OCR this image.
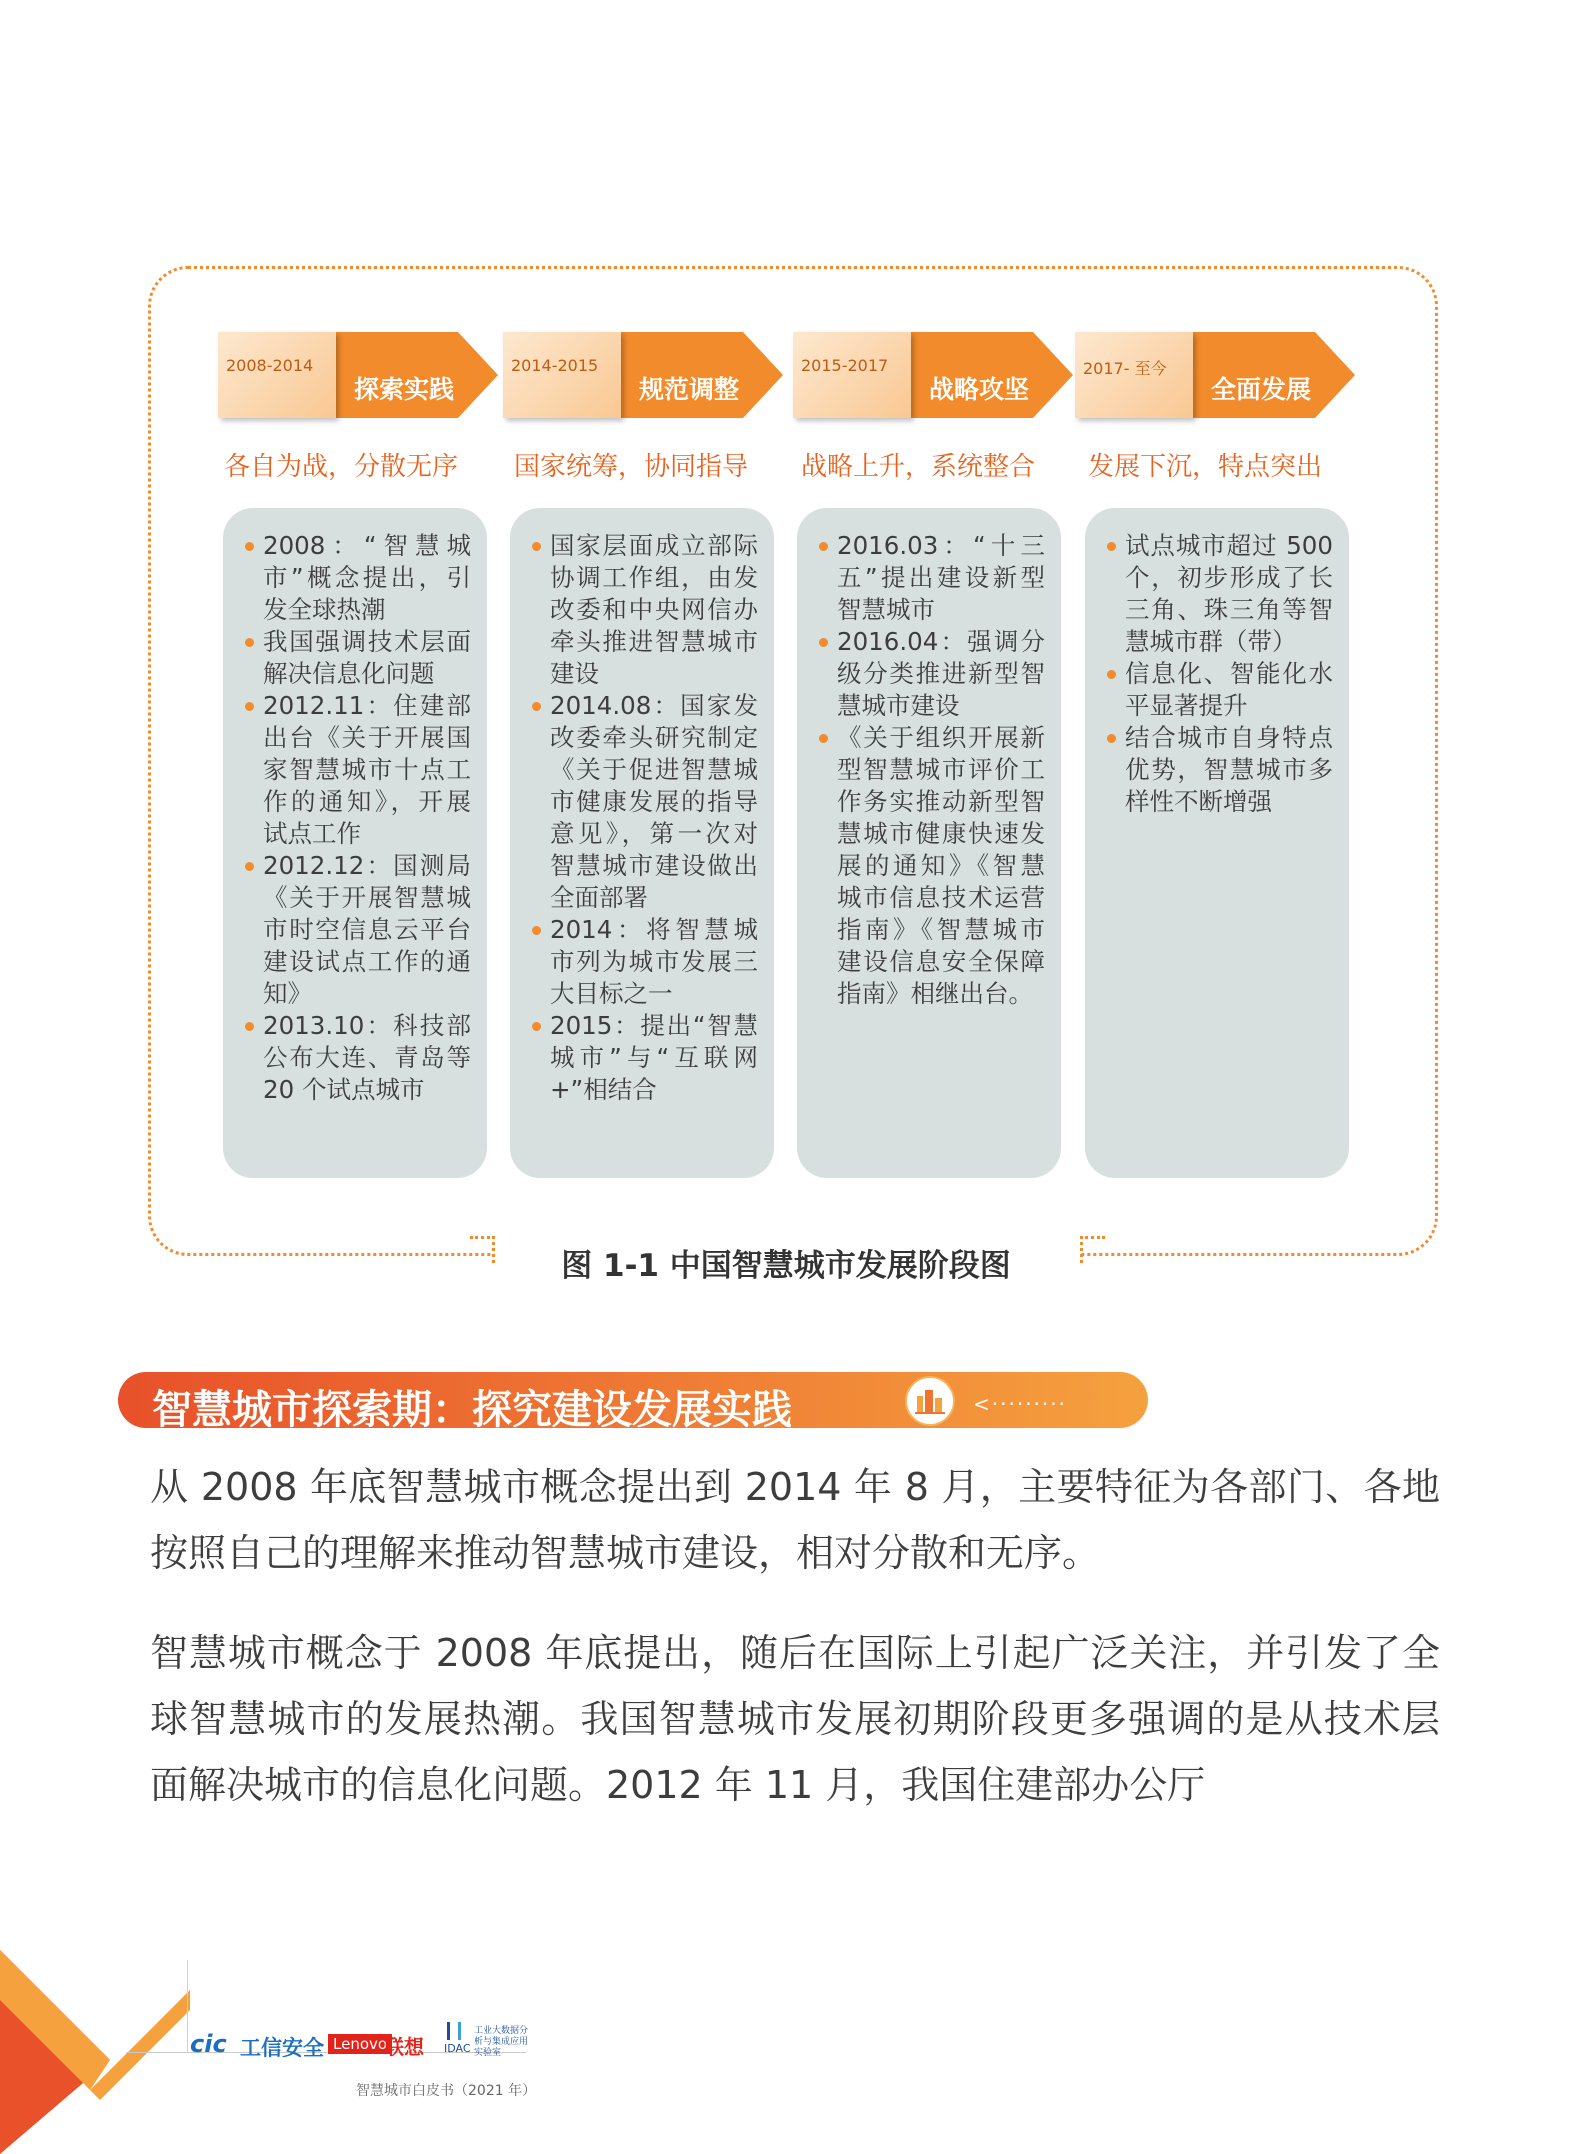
2008-2014
探索实践
2014-2015
规范调整
2015-2017
战略攻坚
2017- 至今
全面发展
各自为战，分散无序	国家统筹，协同指导	战略上升，系统整合	发展下沉，特点突出
2008：“智慧城市”概念提出，引发全球热潮
我国强调技术层面解决信息化问题
2012.11：住建部出台《关于开展国家智慧城市十点工作的通知》，开展试点工作
2012.12：国测局《关于开展智慧城市时空信息云平台建设试点工作的通知》
2013.10：科技部公布大连、青岛等 20 个试点城市
国家层面成立部际协调工作组，由发改委和中央网信办牵头推进智慧城市建设
2014.08：国家发改委牵头研究制定《关于促进智慧城市健康发展的指导意见》，第一次对智慧城市建设做出全面部署
2014：将智慧城市列为城市发展三大目标之一
2015：提出“智慧城市”与“互联网 +”相结合
2016.03：“十三五”提出建设新型智慧城市
2016.04：强调分级分类推进新型智慧城市建设
《关于组织开展新型智慧城市评价工作务实推动新型智慧城市健康快速发展的通知》《智慧城市信息技术运营指南》《智慧城市建设信息安全保障指南》相继出台。
试点城市超过 500 个，初步形成了长三角、珠三角等智慧城市群（带）
信息化、智能化水平显著提升
结合城市自身特点优势，智慧城市多样性不断增强
图 1-1 中国智慧城市发展阶段图
智慧城市探索期：探究建设发展实践	<·········

从 2008 年底智慧城市概念提出到 2014 年 8 月，主要特征为各部门、各地按照自己的理解来推动智慧城市建设，相对分散和无序。

智慧城市概念于 2008 年底提出，随后在国际上引起广泛关注，并引发了全球智慧城市的发展热潮。我国智慧城市发展初期阶段更多强调的是从技术层面解决城市的信息化问题。2012 年 11 月，我国住建部办公厅

3
cic 工信安全 Lenovo
联想 IDAC
工业大数据分析与集成应用实验室
智慧城市白皮书（2021 年）
